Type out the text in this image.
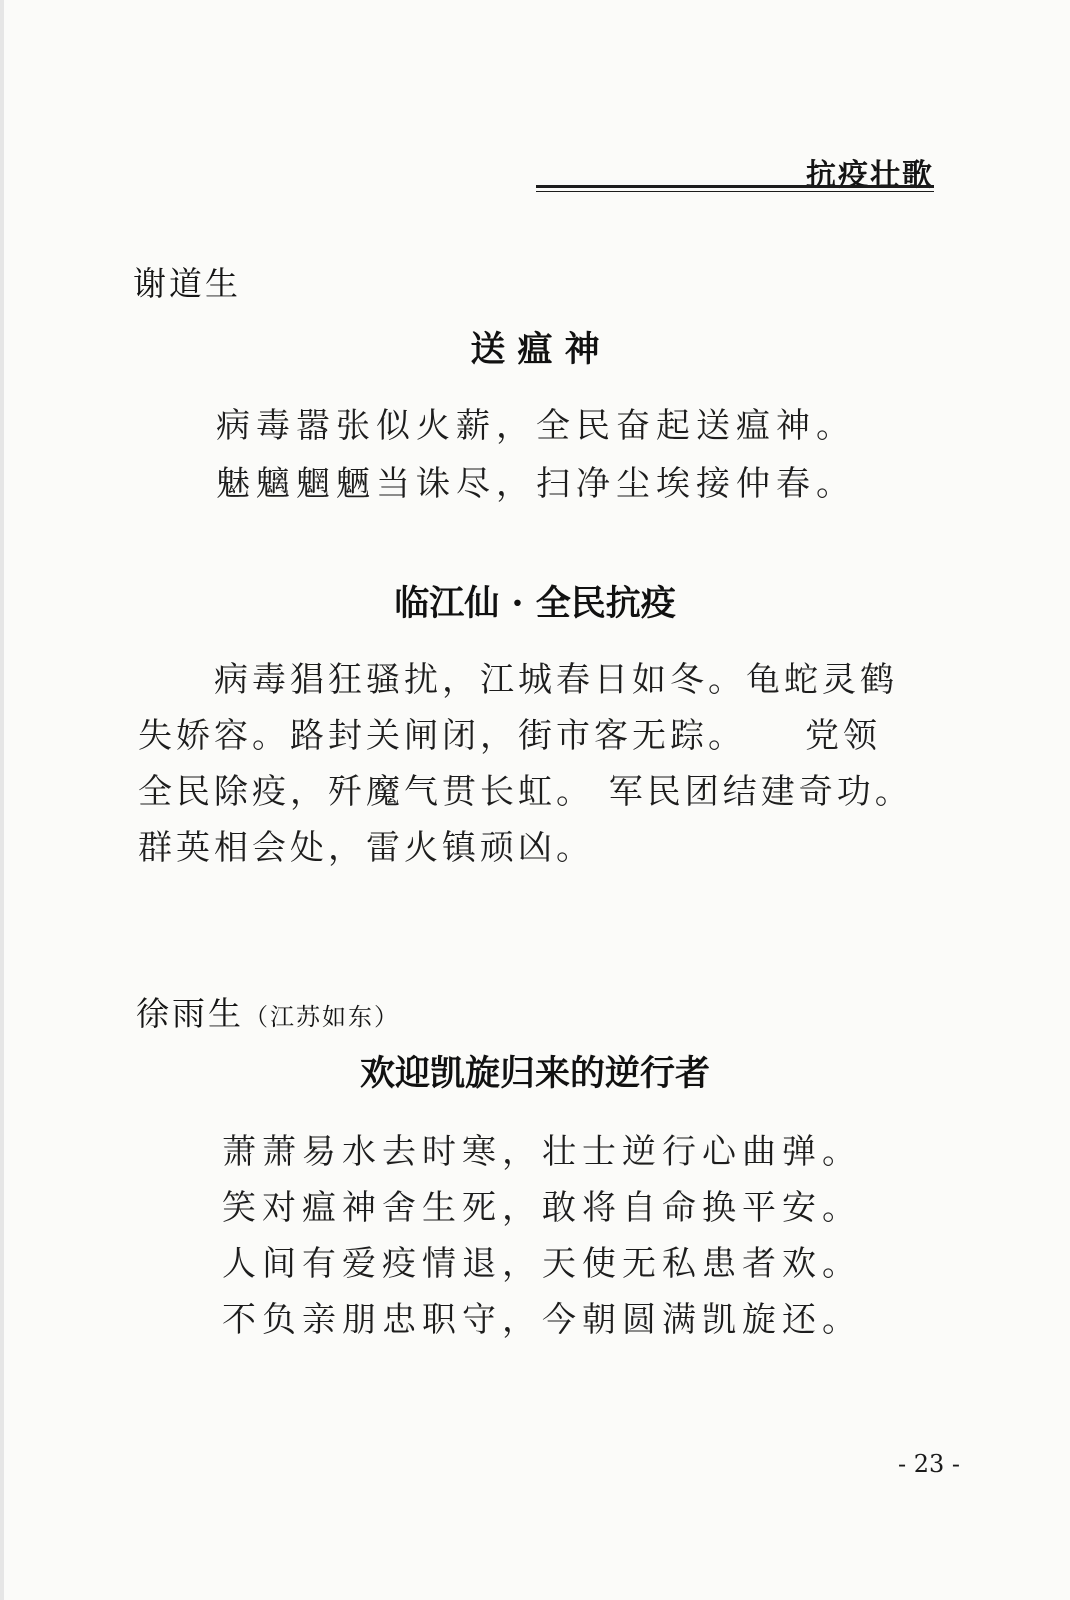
抗疫壮歌
谢道生
送 瘟 神
病毒嚣张似火薪，全民奋起送瘟神。
魅魑魍魉当诛尽，扫净尘埃接仲春。
临江仙 · 全民抗疫
　　病毒猖狂骚扰，江城春日如冬。龟蛇灵鹤
失娇容。路封关闸闭，街市客无踪。　　党领
全民除疫，歼魔气贯长虹。 军民团结建奇功。
群英相会处，雷火镇顽凶。
徐雨生（江苏如东）
欢迎凯旋归来的逆行者
萧萧易水去时寒，壮士逆行心曲弹。
笑对瘟神舍生死，敢将自命换平安。
人间有爱疫情退，天使无私患者欢。
不负亲朋忠职守，今朝圆满凯旋还。
- 23 -
